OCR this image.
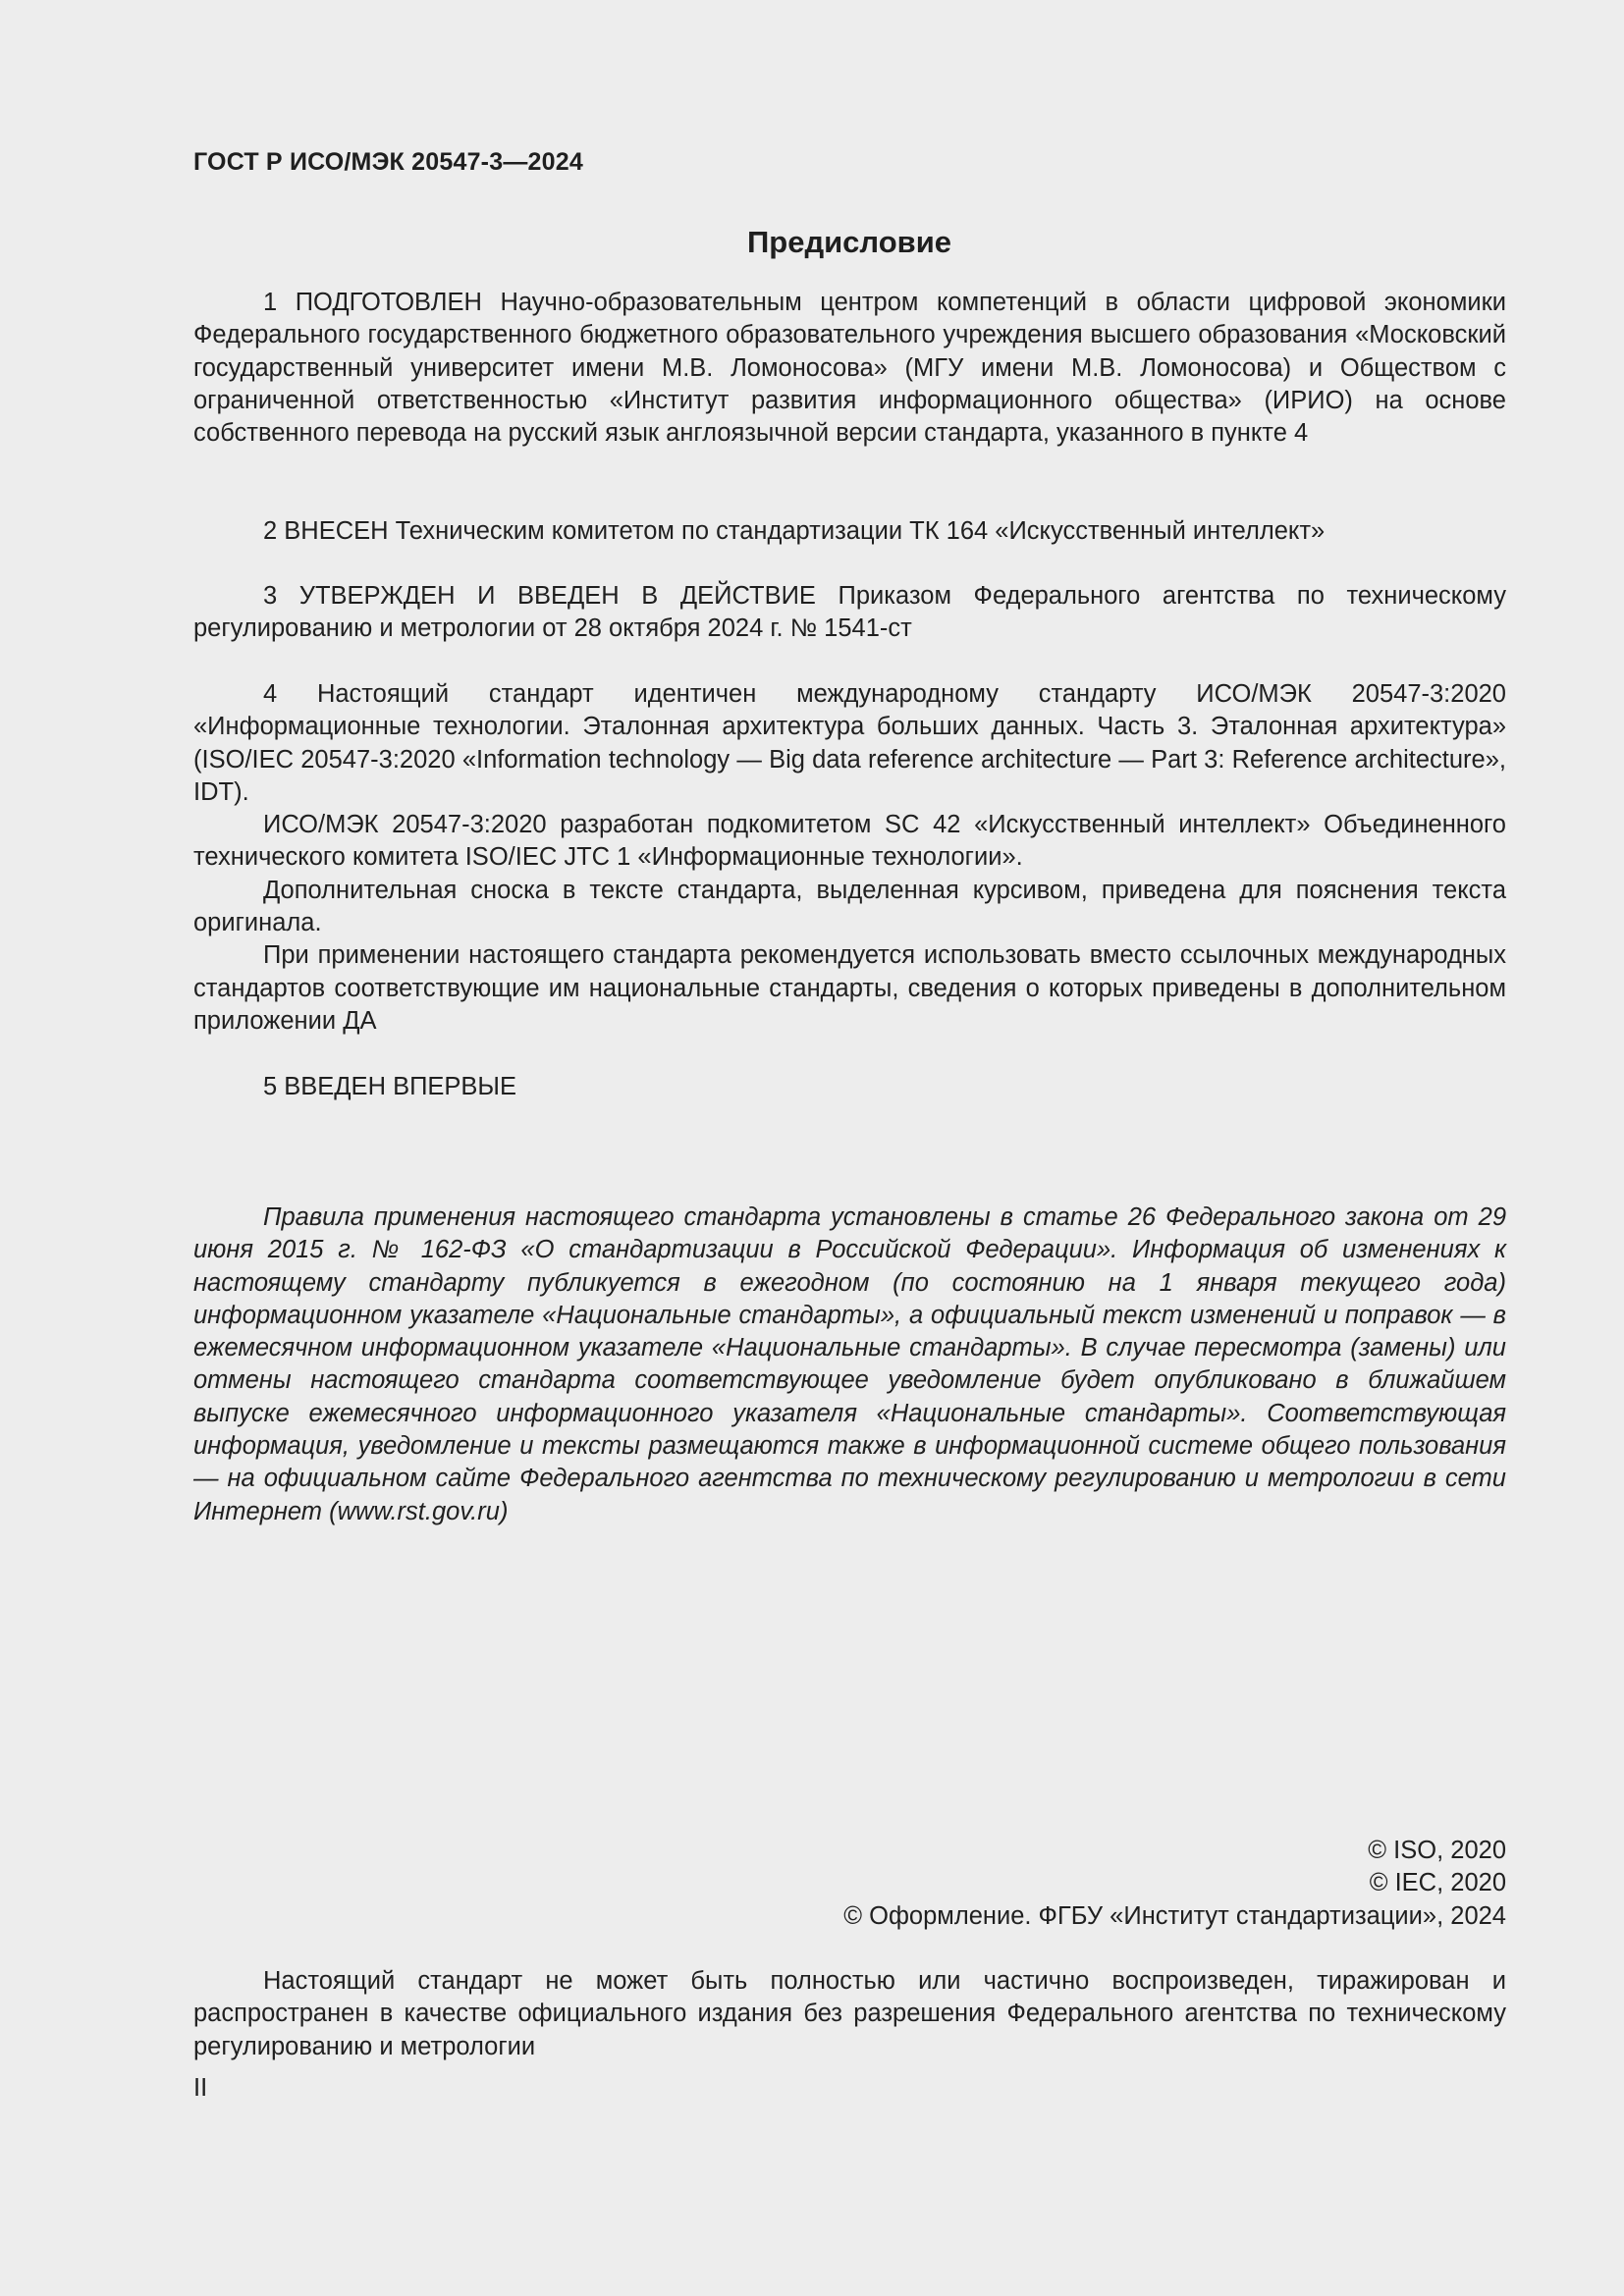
ГОСТ Р ИСО/МЭК 20547-3—2024
Предисловие

1 ПОДГОТОВЛЕН Научно-образовательным центром компетенций в области цифровой экономики Федерального государственного бюджетного образовательного учреждения высшего образования «Московский государственный университет имени М.В. Ломоносова» (МГУ имени М.В. Ломоносова) и Обществом с ограниченной ответственностью «Институт развития информационного общества» (ИРИО) на основе собственного перевода на русский язык англоязычной версии стандарта, указанного в пункте 4

2 ВНЕСЕН Техническим комитетом по стандартизации ТК 164 «Искусственный интеллект»

3 УТВЕРЖДЕН И ВВЕДЕН В ДЕЙСТВИЕ Приказом Федерального агентства по техническому регулированию и метрологии от 28 октября 2024 г. № 1541-ст

4 Настоящий стандарт идентичен международному стандарту ИСО/МЭК 20547-3:2020 «Информационные технологии. Эталонная архитектура больших данных. Часть 3. Эталонная архитектура» (ISO/IEC 20547-3:2020 «Information technology — Big data reference architecture — Part 3: Reference architecture», IDT).

ИСО/МЭК 20547-3:2020 разработан подкомитетом SC 42 «Искусственный интеллект» Объединенного технического комитета ISO/IEC JTC 1 «Информационные технологии».

Дополнительная сноска в тексте стандарта, выделенная курсивом, приведена для пояснения текста оригинала.

При применении настоящего стандарта рекомендуется использовать вместо ссылочных международных стандартов соответствующие им национальные стандарты, сведения о которых приведены в дополнительном приложении ДА

5 ВВЕДЕН ВПЕРВЫЕ

Правила применения настоящего стандарта установлены в статье 26 Федерального закона от 29 июня 2015 г. № 162-ФЗ «О стандартизации в Российской Федерации». Информация об изменениях к настоящему стандарту публикуется в ежегодном (по состоянию на 1 января текущего года) информационном указателе «Национальные стандарты», а официальный текст изменений и поправок — в ежемесячном информационном указателе «Национальные стандарты». В случае пересмотра (замены) или отмены настоящего стандарта соответствующее уведомление будет опубликовано в ближайшем выпуске ежемесячного информационного указателя «Национальные стандарты». Соответствующая информация, уведомление и тексты размещаются также в информационной системе общего пользования — на официальном сайте Федерального агентства по техническому регулированию и метрологии в сети Интернет (www.rst.gov.ru)

© ISO, 2020
© IEC, 2020
© Оформление. ФГБУ «Институт стандартизации», 2024

Настоящий стандарт не может быть полностью или частично воспроизведен, тиражирован и распространен в качестве официального издания без разрешения Федерального агентства по техническому регулированию и метрологии

II
